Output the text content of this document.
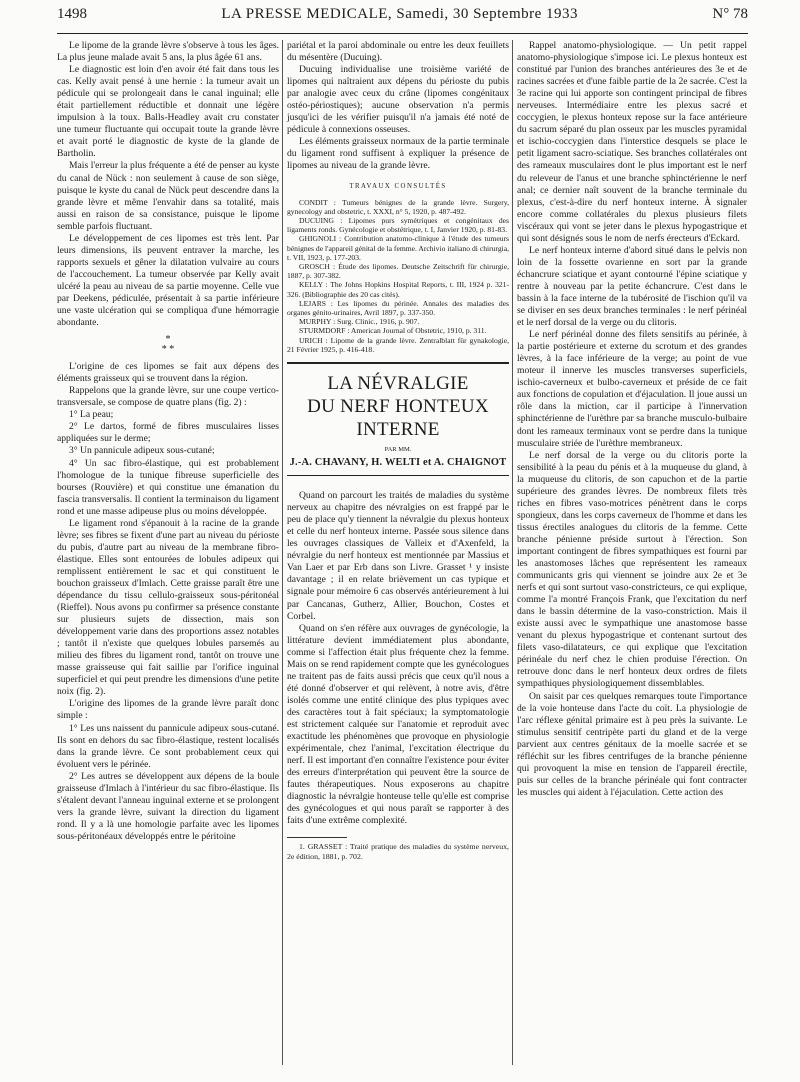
1498	LA PRESSE MEDICALE, Samedi, 30 Septembre 1933	N° 78

Le lipome de la grande lèvre s'observe à tous les âges. La plus jeune malade avait 5 ans, la plus âgée 61 ans.

Le diagnostic est loin d'en avoir été fait dans tous les cas. Kelly avait pensé à une hernie : la tumeur avait un pédicule qui se prolongeait dans le canal inguinal; elle était partiellement réductible et donnait une légère impulsion à la toux. Balls-Headley avait cru constater une tumeur fluctuante qui occupait toute la grande lèvre et avait porté le diagnostic de kyste de la glande de Bartholin.

Mais l'erreur la plus fréquente a été de penser au kyste du canal de Nück : non seulement à cause de son siège, puisque le kyste du canal de Nück peut descendre dans la grande lèvre et même l'envahir dans sa totalité, mais aussi en raison de sa consistance, puisque le lipome semble parfois fluctuant.

Le développement de ces lipomes est très lent. Par leurs dimensions, ils peuvent entraver la marche, les rapports sexuels et gêner la dilatation vulvaire au cours de l'accouchement. La tumeur observée par Kelly avait ulcéré la peau au niveau de sa partie moyenne. Celle vue par Deekens, pédiculée, présentait à sa partie inférieure une vaste ulcération qui se compliqua d'une hémorragie abondante.

*
* *

L'origine de ces lipomes se fait aux dépens des éléments graisseux qui se trouvent dans la région.

Rappelons que la grande lèvre, sur une coupe vertico-transversale, se compose de quatre plans (fig. 2) :

1° La peau;

2° Le dartos, formé de fibres musculaires lisses appliquées sur le derme;

3° Un pannicule adipeux sous-cutané;

4° Un sac fibro-élastique, qui est probablement l'homologue de la tunique fibreuse superficielle des bourses (Rouvière) et qui constitue une émanation du fascia transversalis. Il contient la terminaison du ligament rond et une masse adipeuse plus ou moins développée.

Le ligament rond s'épanouit à la racine de la grande lèvre; ses fibres se fixent d'une part au niveau du périoste du pubis, d'autre part au niveau de la membrane fibro-élastique. Elles sont entourées de lobules adipeux qui remplissent entièrement le sac et qui constituent le bouchon graisseux d'Imlach. Cette graisse paraît être une dépendance du tissu cellulo-graisseux sous-péritonéal (Rieffel). Nous avons pu confirmer sa présence constante sur plusieurs sujets de dissection, mais son développement varie dans des proportions assez notables ; tantôt il n'existe que quelques lobules parsemés au milieu des fibres du ligament rond, tantôt on trouve une masse graisseuse qui fait saillie par l'orifice inguinal superficiel et qui peut prendre les dimensions d'une petite noix (fig. 2).

L'origine des lipomes de la grande lèvre paraît donc simple :

1° Les uns naissent du pannicule adipeux sous-cutané. Ils sont en dehors du sac fibro-élastique, restent localisés dans la grande lèvre. Ce sont probablement ceux qui évoluent vers le périnée.

2° Les autres se développent aux dépens de la boule graisseuse d'Imlach à l'intérieur du sac fibro-élastique. Ils s'étalent devant l'anneau inguinal externe et se prolongent vers la grande lèvre, suivant la direction du ligament rond. Il y a là une homologie parfaite avec les lipomes sous-péritonéaux développés entre le péritoine

pariétal et la paroi abdominale ou entre les deux feuillets du mésentère (Ducuing).

Ducuing individualise une troisième variété de lipomes qui naîtraient aux dépens du périoste du pubis par analogie avec ceux du crâne (lipomes congénitaux ostéo-périostiques); aucune observation n'a permis jusqu'ici de les vérifier puisqu'il n'a jamais été noté de pédicule à connexions osseuses.

Les éléments graisseux normaux de la partie terminale du ligament rond suffisent à expliquer la présence de lipomes au niveau de la grande lèvre.

TRAVAUX CONSULTÉS

CONDIT : Tumeurs bénignes de la grande lèvre. Surgery, gynecology and obstetric, t. XXXI, n° 5, 1920, p. 487-492.

DUCUING : Lipomes purs symétriques et congénitaux des ligaments ronds. Gynécologie et obstétrique, t. I, Janvier 1920, p. 81-83.

GHIGNOLI : Contribution anatomo-clinique à l'étude des tumeurs bénignes de l'appareil génital de la femme. Archivio italiano di chirurgia, t. VII, 1923, p. 177-203.

GROSCH : Étude des lipomes. Deutsche Zeitschrift für chirurgie, 1887, p. 307-382.

KELLY : The Johns Hopkins Hospital Reports, t. III, 1924 p. 321-326. (Bibliographie des 20 cas cités).

LEJARS : Les lipomes du périnée. Annales des maladies des organes génito-urinaires, Avril 1897, p. 337-350.

MURPHY : Surg. Clinic., 1916, p. 907.

STURMDORF : American Journal of Obstetric, 1910, p. 311.

URICH : Lipome de la grande lèvre. Zentralblatt für gynakologie, 21 Février 1925, p. 416-418.

LA NÉVRALGIE
DU NERF HONTEUX INTERNE
PAR MM.
J.-A. CHAVANY, H. WELTI et A. CHAIGNOT

Quand on parcourt les traités de maladies du système nerveux au chapitre des névralgies on est frappé par le peu de place qu'y tiennent la névralgie du plexus honteux et celle du nerf honteux interne. Passée sous silence dans les ouvrages classiques de Valleix et d'Axenfeld, la névralgie du nerf honteux est mentionnée par Massius et Van Laer et par Erb dans son Livre. Grasset ¹ y insiste davantage ; il en relate brièvement un cas typique et signale pour mémoire 6 cas observés antérieurement à lui par Cancanas, Gutherz, Allier, Bouchon, Costes et Corbel.

Quand on s'en réfère aux ouvrages de gynécologie, la littérature devient immédiatement plus abondante, comme si l'affection était plus fréquente chez la femme. Mais on se rend rapidement compte que les gynécologues ne traitent pas de faits aussi précis que ceux qu'il nous a été donné d'observer et qui relèvent, à notre avis, d'être isolés comme une entité clinique des plus typiques avec des caractères tout à fait spéciaux; la symptomatologie est strictement calquée sur l'anatomie et reproduit avec exactitude les phénomènes que provoque en physiologie expérimentale, chez l'animal, l'excitation électrique du nerf. Il est important d'en connaître l'existence pour éviter des erreurs d'interprétation qui peuvent être la source de fautes thérapeutiques. Nous exposerons au chapitre diagnostic la névralgie honteuse telle qu'elle est comprise des gynécologues et qui nous paraît se rapporter à des faits d'une extrême complexité.

1. GRASSET : Traité pratique des maladies du système nerveux, 2e édition, 1881, p. 702.

Rappel anatomo-physiologique. — Un petit rappel anatomo-physiologique s'impose ici. Le plexus honteux est constitué par l'union des branches antérieures des 3e et 4e racines sacrées et d'une faible partie de la 2e sacrée. C'est la 3e racine qui lui apporte son contingent principal de fibres nerveuses. Intermédiaire entre les plexus sacré et coccygien, le plexus honteux repose sur la face antérieure du sacrum séparé du plan osseux par les muscles pyramidal et ischio-coccygien dans l'interstice desquels se place le petit ligament sacro-sciatique. Ses branches collatérales ont des rameaux musculaires dont le plus important est le nerf du releveur de l'anus et une branche sphinctérienne le nerf anal; ce dernier naît souvent de la branche terminale du plexus, c'est-à-dire du nerf honteux interne. À signaler encore comme collatérales du plexus plusieurs filets viscéraux qui vont se jeter dans le plexus hypogastrique et qui sont désignés sous le nom de nerfs érecteurs d'Eckard.

Le nerf honteux interne d'abord situé dans le pelvis non loin de la fossette ovarienne en sort par la grande échancrure sciatique et ayant contourné l'épine sciatique y rentre à nouveau par la petite échancrure. C'est dans le bassin à la face interne de la tubérosité de l'ischion qu'il va se diviser en ses deux branches terminales : le nerf périnéal et le nerf dorsal de la verge ou du clitoris.

Le nerf périnéal donne des filets sensitifs au périnée, à la partie postérieure et externe du scrotum et des grandes lèvres, à la face inférieure de la verge; au point de vue moteur il innerve les muscles transverses superficiels, ischio-caverneux et bulbo-caverneux et préside de ce fait aux fonctions de copulation et d'éjaculation. Il joue aussi un rôle dans la miction, car il participe à l'innervation sphinctérienne de l'urèthre par sa branche musculo-bulbaire dont les rameaux terminaux vont se perdre dans la tunique musculaire striée de l'urèthre membraneux.

Le nerf dorsal de la verge ou du clitoris porte la sensibilité à la peau du pénis et à la muqueuse du gland, à la muqueuse du clitoris, de son capuchon et de la partie supérieure des grandes lèvres. De nombreux filets très riches en fibres vaso-motrices pénètrent dans le corps spongieux, dans les corps caverneux de l'homme et dans les tissus érectiles analogues du clitoris de la femme. Cette branche pénienne préside surtout à l'érection. Son important contingent de fibres sympathiques est fourni par les anastomoses lâches que représentent les rameaux communicants gris qui viennent se joindre aux 2e et 3e nerfs et qui sont surtout vaso-constricteurs, ce qui explique, comme l'a montré François Frank, que l'excitation du nerf dans le bassin détermine de la vaso-constriction. Mais il existe aussi avec le sympathique une anastomose basse venant du plexus hypogastrique et contenant surtout des filets vaso-dilatateurs, ce qui explique que l'excitation périnéale du nerf chez le chien produise l'érection. On retrouve donc dans le nerf honteux deux ordres de filets sympathiques physiologiquement dissemblables.

On saisit par ces quelques remarques toute l'importance de la voie honteuse dans l'acte du coït. La physiologie de l'arc réflexe génital primaire est à peu près la suivante. Le stimulus sensitif centripète parti du gland et de la verge parvient aux centres génitaux de la moelle sacrée et se réfléchit sur les fibres centrifuges de la branche pénienne qui provoquent la mise en tension de l'appareil érectile, puis sur celles de la branche périnéale qui font contracter les muscles qui aident à l'éjaculation. Cette action des
